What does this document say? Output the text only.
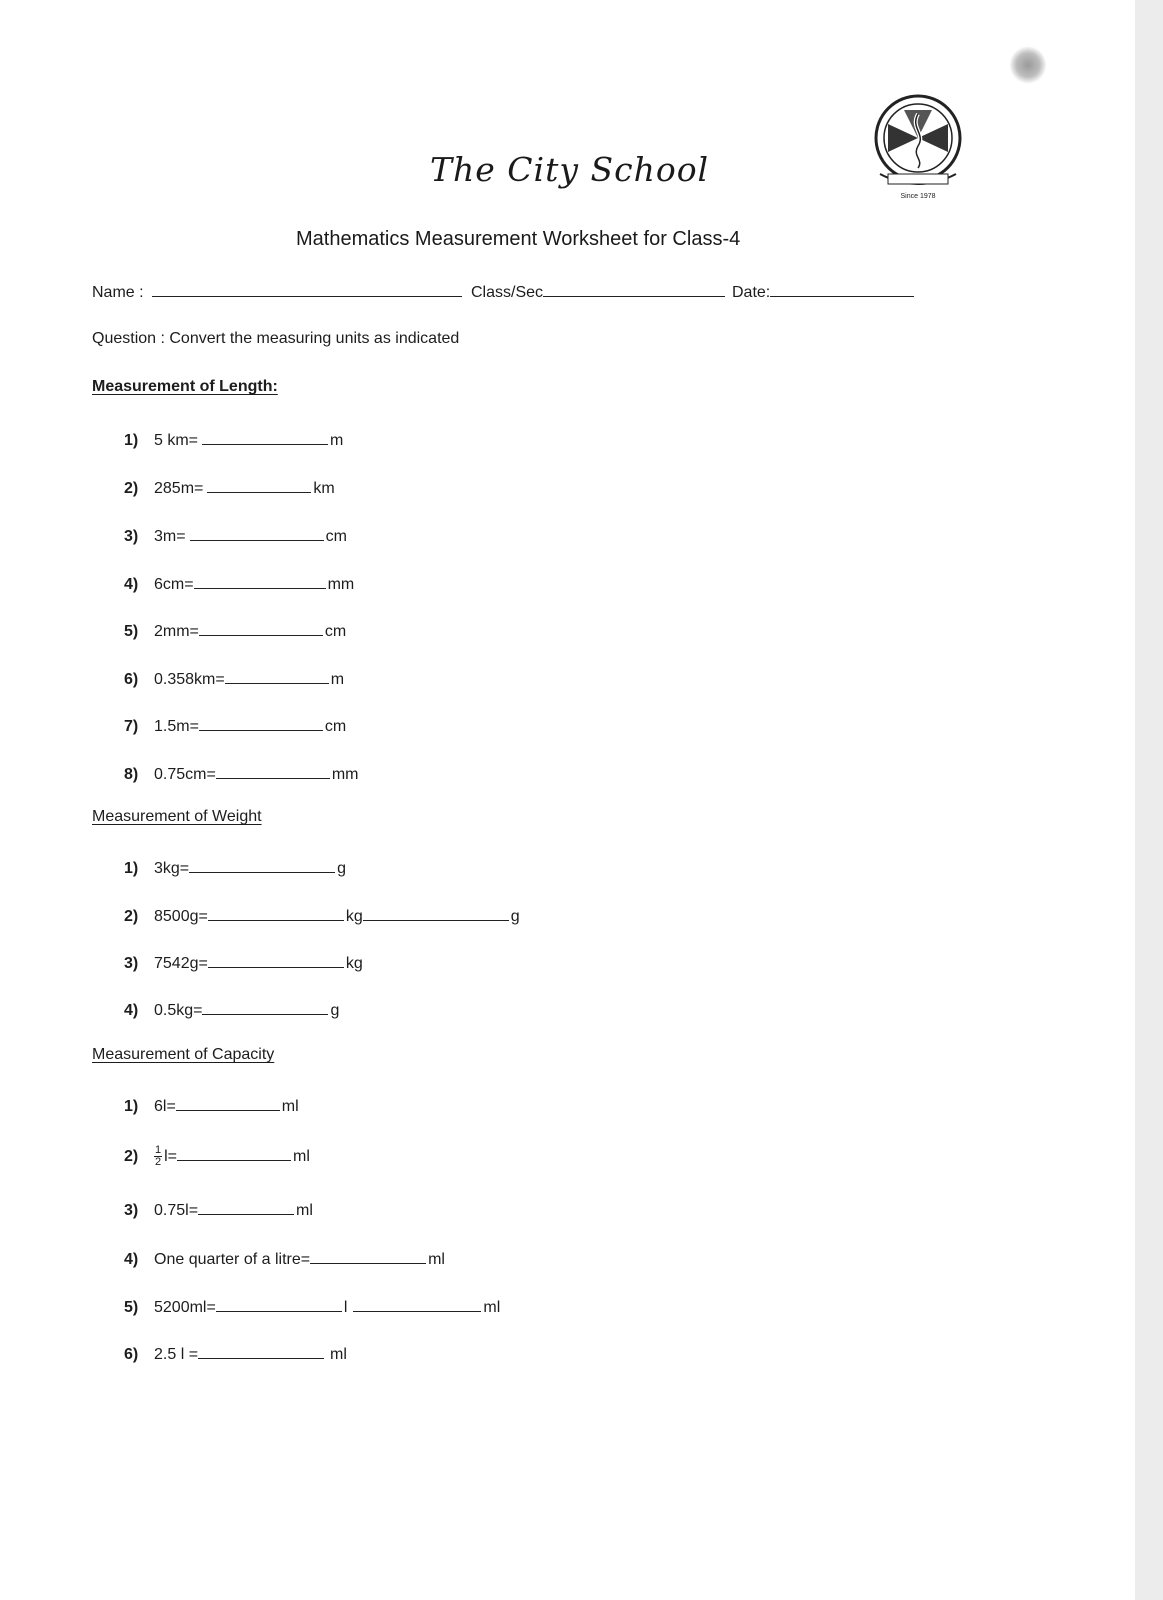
The City School
Since 1978
Mathematics Measurement Worksheet for Class-4
Name :	Class/Sec	Date:
Question : Convert the measuring units as indicated
Measurement of Length:
1) 5 km=	m
2) 285m=	km
3) 3m=	cm
4) 6cm=	mm
5) 2mm=	cm
6) 0.358km=	m
7) 1.5m=	cm
8) 0.75cm=	mm
Measurement of Weight
1) 3kg=	g
2) 8500g=	kg	g
3) 7542g=	kg
4) 0.5kg=	g
Measurement of Capacity
1) 6l=	ml
$2) \frac{1}{2} l=$	ml
3) 0.75l=	ml
4) One quarter of a litre=	ml
5) 5200ml=	l	ml
6) 2.5 l =	ml
